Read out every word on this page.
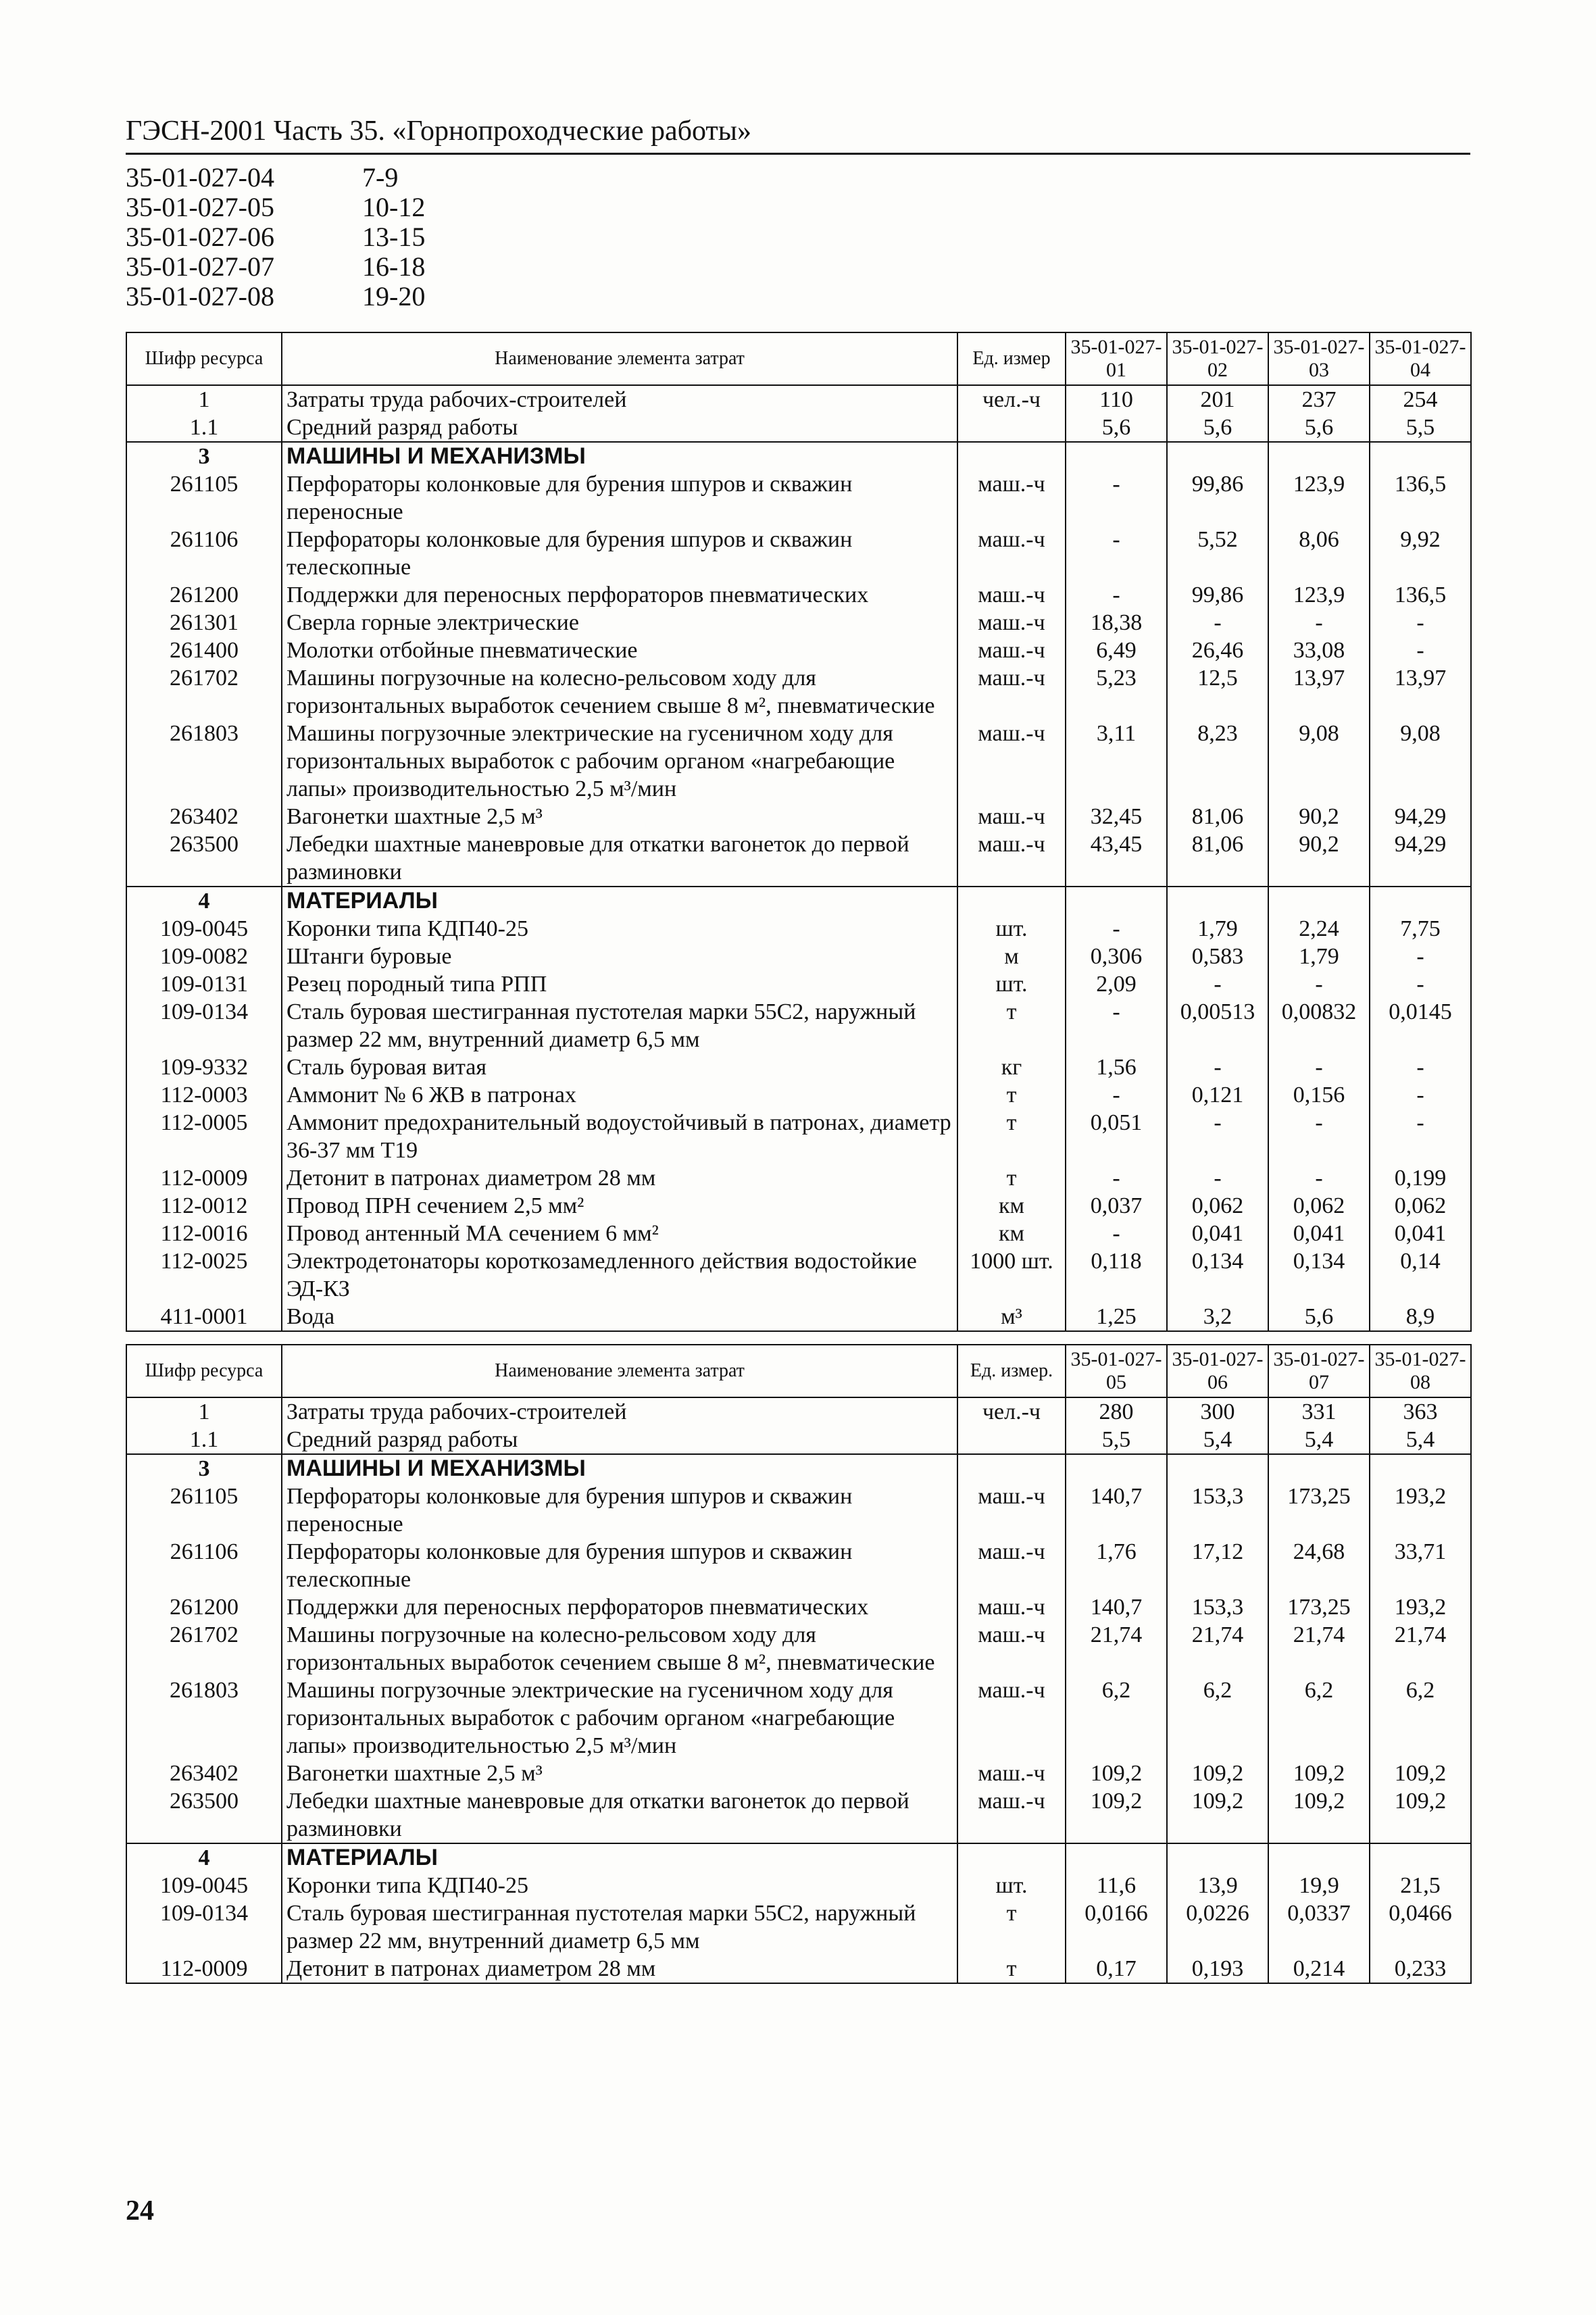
ГЭСН-2001 Часть 35. «Горнопроходческие работы»
35-01-027-04	7-9
35-01-027-05	10-12
35-01-027-06	13-15
35-01-027-07	16-18
35-01-027-08	19-20
Шифр ресурса	Наименование элемента затрат	Ед. измер	35-01-027-01	35-01-027-02	35-01-027-03	35-01-027-04
1	Затраты труда рабочих-строителей	чел.-ч	110	201	237	254
1.1	Средний разряд работы		5,6	5,6	5,6	5,5
3	МАШИНЫ И МЕХАНИЗМЫ					
261105	Перфораторы колонковые для бурения шпуров и скважин переносные	маш.-ч	-	99,86	123,9	136,5
261106	Перфораторы колонковые для бурения шпуров и скважин телескопные	маш.-ч	-	5,52	8,06	9,92
261200	Поддержки для переносных перфораторов пневматических	маш.-ч	-	99,86	123,9	136,5
261301	Сверла горные электрические	маш.-ч	18,38	-	-	-
261400	Молотки отбойные пневматические	маш.-ч	6,49	26,46	33,08	-
261702	Машины погрузочные на колесно-рельсовом ходу для горизонтальных выработок сечением свыше 8 м², пневматические	маш.-ч	5,23	12,5	13,97	13,97
261803	Машины погрузочные электрические на гусеничном ходу для горизонтальных выработок с рабочим органом «нагребающие лапы» производительностью 2,5 м³/мин	маш.-ч	3,11	8,23	9,08	9,08
263402	Вагонетки шахтные 2,5 м³	маш.-ч	32,45	81,06	90,2	94,29
263500	Лебедки шахтные маневровые для откатки вагонеток до первой разминовки	маш.-ч	43,45	81,06	90,2	94,29
4	МАТЕРИАЛЫ					
109-0045	Коронки типа КДП40-25	шт.	-	1,79	2,24	7,75
109-0082	Штанги буровые	м	0,306	0,583	1,79	-
109-0131	Резец породный типа РПП	шт.	2,09	-	-	-
109-0134	Сталь буровая шестигранная пустотелая марки 55С2, наружный размер 22 мм, внутренний диаметр 6,5 мм	т	-	0,00513	0,00832	0,0145
109-9332	Сталь буровая витая	кг	1,56	-	-	-
112-0003	Аммонит № 6 ЖВ в патронах	т	-	0,121	0,156	-
112-0005	Аммонит предохранительный водоустойчивый в патронах, диаметр 36-37 мм Т19	т	0,051	-	-	-
112-0009	Детонит в патронах диаметром 28 мм	т	-	-	-	0,199
112-0012	Провод ПРН сечением 2,5 мм²	км	0,037	0,062	0,062	0,062
112-0016	Провод антенный МА сечением 6 мм²	км	-	0,041	0,041	0,041
112-0025	Электродетонаторы короткозамедленного действия водостойкие ЭД-КЗ	1000 шт.	0,118	0,134	0,134	0,14
411-0001	Вода	м³	1,25	3,2	5,6	8,9
Шифр ресурса	Наименование элемента затрат	Ед. измер.	35-01-027-05	35-01-027-06	35-01-027-07	35-01-027-08
1	Затраты труда рабочих-строителей	чел.-ч	280	300	331	363
1.1	Средний разряд работы		5,5	5,4	5,4	5,4
3	МАШИНЫ И МЕХАНИЗМЫ					
261105	Перфораторы колонковые для бурения шпуров и скважин переносные	маш.-ч	140,7	153,3	173,25	193,2
261106	Перфораторы колонковые для бурения шпуров и скважин телескопные	маш.-ч	1,76	17,12	24,68	33,71
261200	Поддержки для переносных перфораторов пневматических	маш.-ч	140,7	153,3	173,25	193,2
261702	Машины погрузочные на колесно-рельсовом ходу для горизонтальных выработок сечением свыше 8 м², пневматические	маш.-ч	21,74	21,74	21,74	21,74
261803	Машины погрузочные электрические на гусеничном ходу для горизонтальных выработок с рабочим органом «нагребающие лапы» производительностью 2,5 м³/мин	маш.-ч	6,2	6,2	6,2	6,2
263402	Вагонетки шахтные 2,5 м³	маш.-ч	109,2	109,2	109,2	109,2
263500	Лебедки шахтные маневровые для откатки вагонеток до первой разминовки	маш.-ч	109,2	109,2	109,2	109,2
4	МАТЕРИАЛЫ					
109-0045	Коронки типа КДП40-25	шт.	11,6	13,9	19,9	21,5
109-0134	Сталь буровая шестигранная пустотелая марки 55С2, наружный размер 22 мм, внутренний диаметр 6,5 мм	т	0,0166	0,0226	0,0337	0,0466
112-0009	Детонит в патронах диаметром 28 мм	т	0,17	0,193	0,214	0,233
24
